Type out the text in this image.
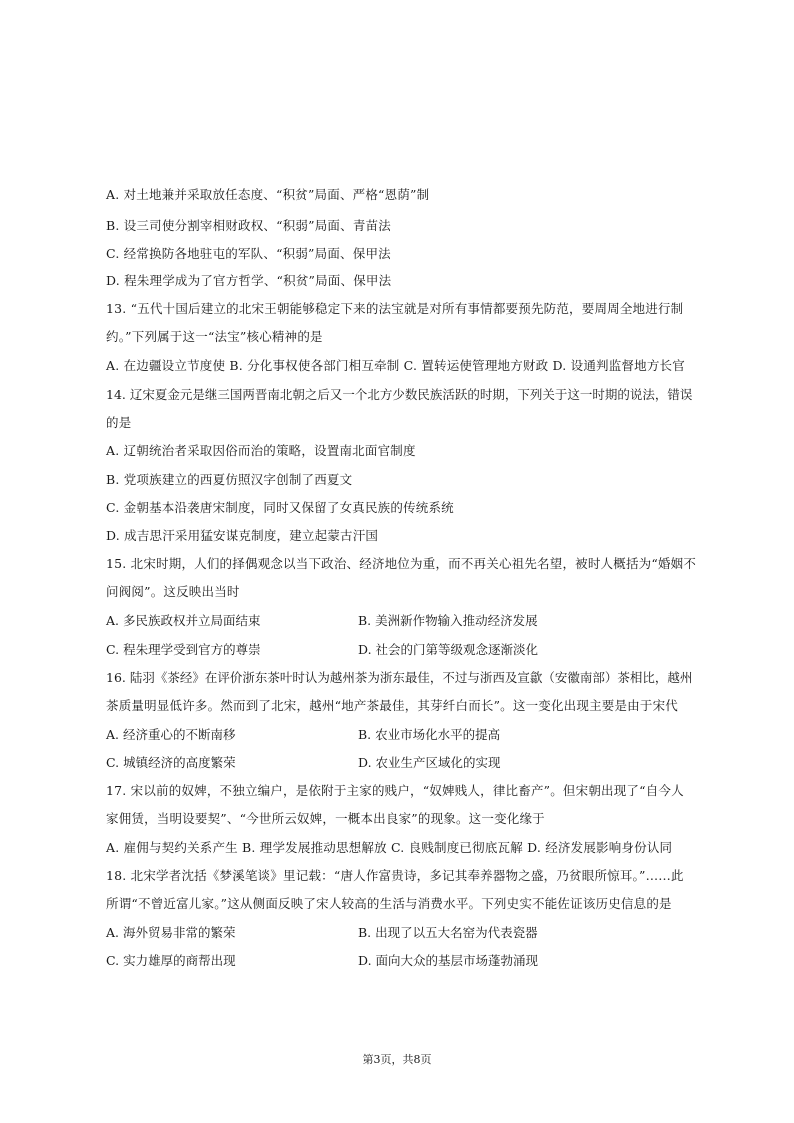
A. 对土地兼并采取放任态度、“积贫”局面、严格“恩荫”制
B. 设三司使分割宰相财政权、“积弱”局面、青苗法
C. 经常换防各地驻屯的军队、“积弱”局面、保甲法
D. 程朱理学成为了官方哲学、“积贫”局面、保甲法
13. “五代十国后建立的北宋王朝能够稳定下来的法宝就是对所有事情都要预先防范，要周周全地进行制
约。”下列属于这一“法宝”核心精神的是
A. 在边疆设立节度使 B. 分化事权使各部门相互牵制 C. 置转运使管理地方财政 D. 设通判监督地方长官
14. 辽宋夏金元是继三国两晋南北朝之后又一个北方少数民族活跃的时期，下列关于这一时期的说法，错误
的是
A. 辽朝统治者采取因俗而治的策略，设置南北面官制度
B. 党项族建立的西夏仿照汉字创制了西夏文
C. 金朝基本沿袭唐宋制度，同时又保留了女真民族的传统系统
D. 成吉思汗采用猛安谋克制度，建立起蒙古汗国
15. 北宋时期，人们的择偶观念以当下政治、经济地位为重，而不再关心祖先名望，被时人概括为“婚姻不
问阀阅”。这反映出当时
A. 多民族政权并立局面结束	B. 美洲新作物输入推动经济发展
C. 程朱理学受到官方的尊崇	D. 社会的门第等级观念逐渐淡化
16. 陆羽《茶经》在评价浙东茶叶时认为越州茶为浙东最佳，不过与浙西及宣歙（安徽南部）茶相比，越州
茶质量明显低许多。然而到了北宋，越州“地产茶最佳，其芽纤白而长”。这一变化出现主要是由于宋代
A. 经济重心的不断南移	B. 农业市场化水平的提高
C. 城镇经济的高度繁荣	D. 农业生产区域化的实现
17. 宋以前的奴婢，不独立编户，是依附于主家的贱户，“奴婢贱人，律比畜产”。但宋朝出现了“自今人
家佣赁，当明设要契”、“今世所云奴婢，一概本出良家”的现象。这一变化缘于
A. 雇佣与契约关系产生 B. 理学发展推动思想解放 C. 良贱制度已彻底瓦解 D. 经济发展影响身份认同
18. 北宋学者沈括《梦溪笔谈》里记载：“唐人作富贵诗，多记其奉养器物之盛，乃贫眼所惊耳。”……此
所谓“不曾近富儿家。”这从侧面反映了宋人较高的生活与消费水平。下列史实不能佐证该历史信息的是
A. 海外贸易非常的繁荣	B. 出现了以五大名窑为代表瓷器
C. 实力雄厚的商帮出现	D. 面向大众的基层市场蓬勃涌现
第3页，共8页
